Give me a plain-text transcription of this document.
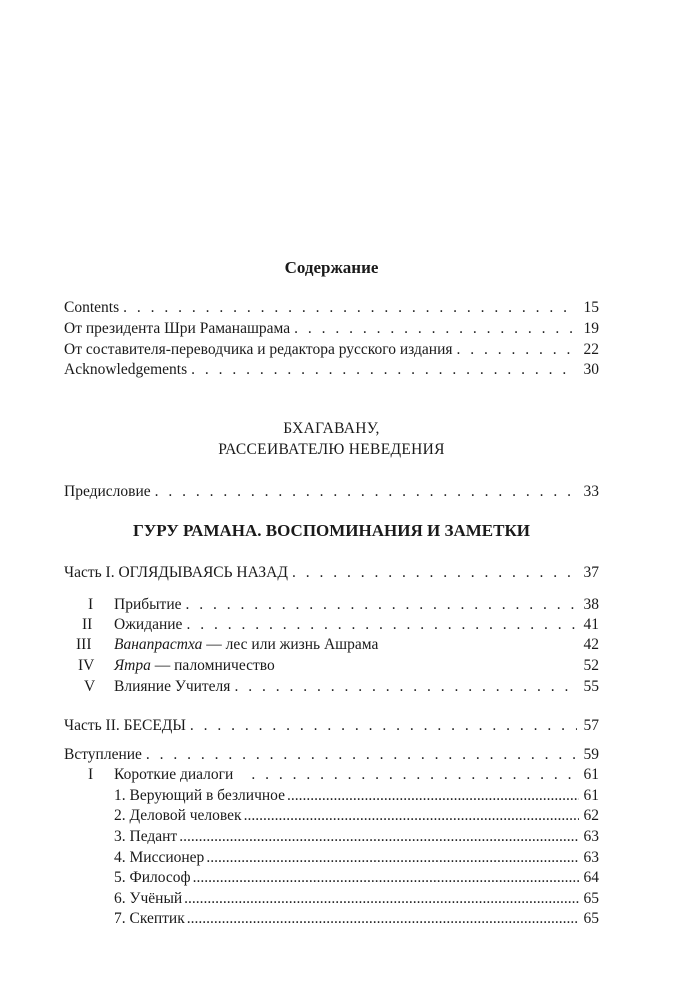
Содержание
Contents . . .	15
От президента Шри Раманашрама . . .	19
От составителя-переводчика и редактора русского издания . . .	22
Acknowledgements . . .	30
БХАГАВАНУ,
РАССЕИВАТЕЛЮ НЕВЕДЕНИЯ
Предисловие . . .	33
ГУРУ РАМАНА. ВОСПОМИНАНИЯ И ЗАМЕТКИ
Часть I. ОГЛЯДЫВАЯСЬ НАЗАД . . .	37
I	Прибытие . . .	38
II	Ожидание . . .	41
III	Ванапрастха — лес или жизнь Ашрама	42
IV	Ятра — паломничество	52
V	Влияние Учителя . . .	55
Часть II. БЕСЕДЫ . . .	57
Вступление . . .	59
I	Короткие диалоги . . .	61
1. Верующий в безличное .....	61
2. Деловой человек .....	62
3. Педант .....	63
4. Миссионер .....	63
5. Философ .....	64
6. Учёный .....	65
7. Скептик .....	65
